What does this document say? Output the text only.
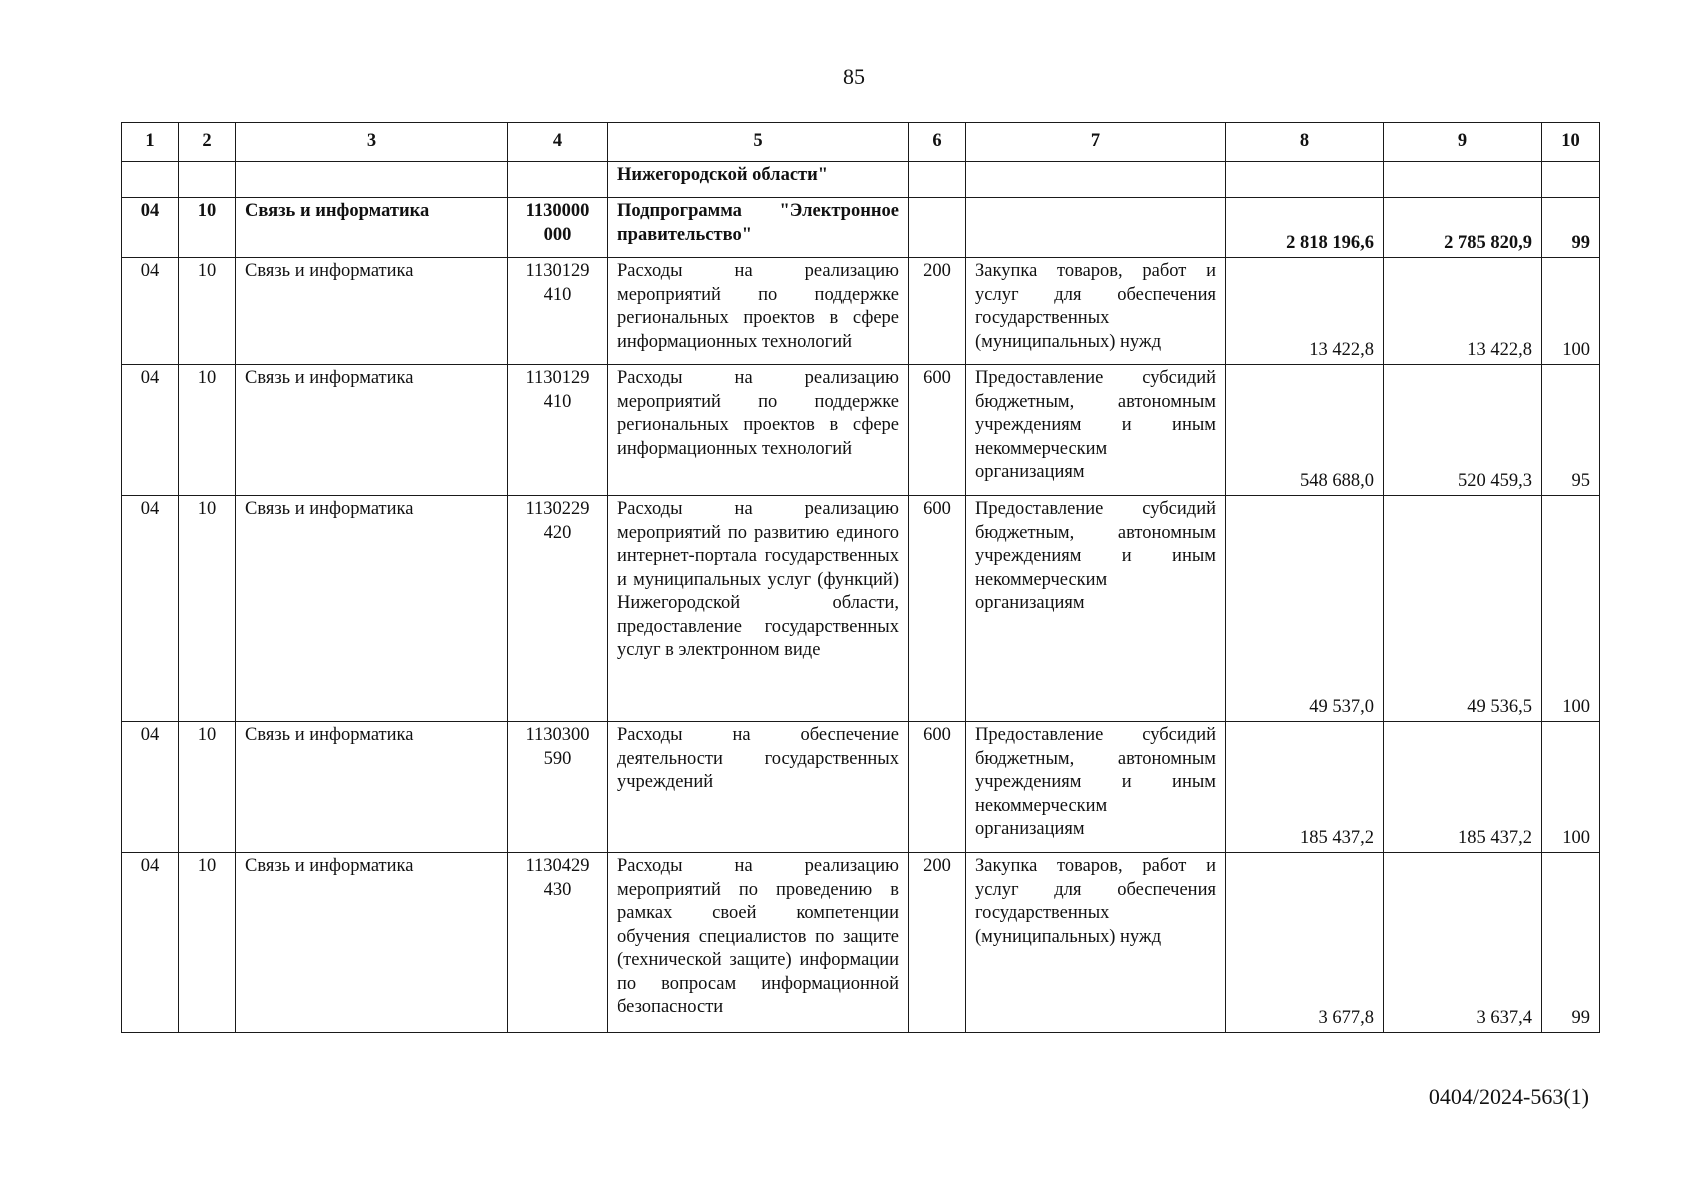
85
1	2	3	4	5	6	7	8	9	10
				Нижегородской области"					
04	10	Связь и информатика	1130000 000	Подпрограмма "Электронное правительство"			2 818 196,6	2 785 820,9	99
04	10	Связь и информатика	1130129 410	Расходы на реализацию мероприятий по поддержке региональных проектов в сфере информационных технологий	200	Закупка товаров, работ и услуг для обеспечения государственных (муниципальных) нужд	13 422,8	13 422,8	100
04	10	Связь и информатика	1130129 410	Расходы на реализацию мероприятий по поддержке региональных проектов в сфере информационных технологий	600	Предоставление субсидий бюджетным, автономным учреждениям и иным некоммерческим организациям	548 688,0	520 459,3	95
04	10	Связь и информатика	1130229 420	Расходы на реализацию мероприятий по развитию единого интернет-портала государственных и муниципальных услуг (функций) Нижегородской области, предоставление государственных услуг в электронном виде	600	Предоставление субсидий бюджетным, автономным учреждениям и иным некоммерческим организациям	49 537,0	49 536,5	100
04	10	Связь и информатика	1130300 590	Расходы на обеспечение деятельности государственных учреждений	600	Предоставление субсидий бюджетным, автономным учреждениям и иным некоммерческим организациям	185 437,2	185 437,2	100
04	10	Связь и информатика	1130429 430	Расходы на реализацию мероприятий по проведению в рамках своей компетенции обучения специалистов по защите (технической защите) информации по вопросам информационной безопасности	200	Закупка товаров, работ и услуг для обеспечения государственных (муниципальных) нужд	3 677,8	3 637,4	99
0404/2024-563(1)
